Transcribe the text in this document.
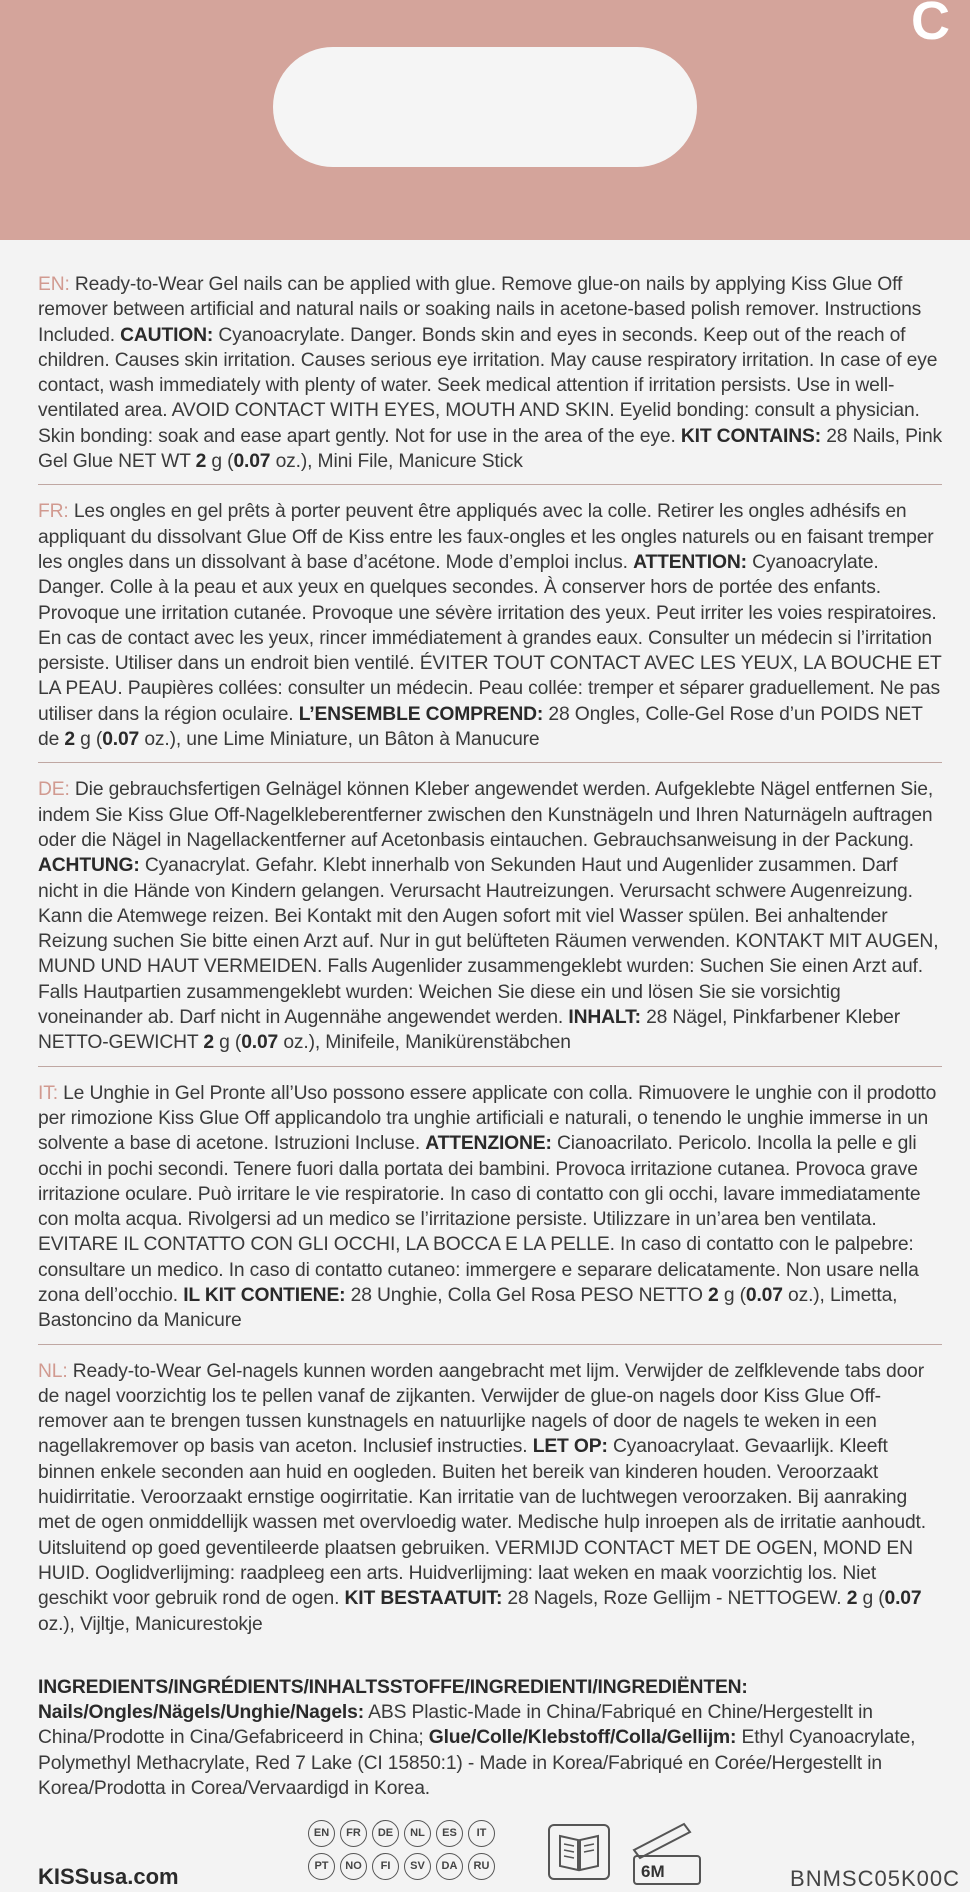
C

EN: Ready-to-Wear Gel nails can be applied with glue. Remove glue-on nails by applying Kiss Glue Off remover between artificial and natural nails or soaking nails in acetone-based polish remover. Instructions Included. CAUTION: Cyanoacrylate. Danger. Bonds skin and eyes in seconds. Keep out of the reach of children. Causes skin irritation. Causes serious eye irritation. May cause respiratory irritation. In case of eye contact, wash immediately with plenty of water. Seek medical attention if irritation persists. Use in well-ventilated area. AVOID CONTACT WITH EYES, MOUTH AND SKIN. Eyelid bonding: consult a physician. Skin bonding: soak and ease apart gently. Not for use in the area of the eye. KIT CONTAINS: 28 Nails, Pink Gel Glue NET WT 2 g (0.07 oz.), Mini File, Manicure Stick

FR: Les ongles en gel prêts à porter peuvent être appliqués avec la colle. Retirer les ongles adhésifs en appliquant du dissolvant Glue Off de Kiss entre les faux-ongles et les ongles naturels ou en faisant tremper les ongles dans un dissolvant à base d’acétone. Mode d’emploi inclus. ATTENTION: Cyanoacrylate. Danger. Colle à la peau et aux yeux en quelques secondes. À conserver hors de portée des enfants. Provoque une irritation cutanée. Provoque une sévère irritation des yeux. Peut irriter les voies respiratoires. En cas de contact avec les yeux, rincer immédiatement à grandes eaux. Consulter un médecin si l’irritation persiste. Utiliser dans un endroit bien ventilé. ÉVITER TOUT CONTACT AVEC LES YEUX, LA BOUCHE ET LA PEAU. Paupières collées: consulter un médecin. Peau collée: tremper et séparer graduellement. Ne pas utiliser dans la région oculaire. L’ENSEMBLE COMPREND: 28 Ongles, Colle-Gel Rose d’un POIDS NET de 2 g (0.07 oz.), une Lime Miniature, un Bâton à Manucure

DE: Die gebrauchsfertigen Gelnägel können Kleber angewendet werden. Aufgeklebte Nägel entfernen Sie, indem Sie Kiss Glue Off-Nagelkleberentferner zwischen den Kunstnägeln und Ihren Naturnägeln auftragen oder die Nägel in Nagellackentferner auf Acetonbasis eintauchen. Gebrauchsanweisung in der Packung. ACHTUNG: Cyanacrylat. Gefahr. Klebt innerhalb von Sekunden Haut und Augenlider zusammen. Darf nicht in die Hände von Kindern gelangen. Verursacht Hautreizungen. Verursacht schwere Augenreizung. Kann die Atemwege reizen. Bei Kontakt mit den Augen sofort mit viel Wasser spülen. Bei anhaltender Reizung suchen Sie bitte einen Arzt auf. Nur in gut belüfteten Räumen verwenden. KONTAKT MIT AUGEN, MUND UND HAUT VERMEIDEN. Falls Augenlider zusammengeklebt wurden: Suchen Sie einen Arzt auf. Falls Hautpartien zusammengeklebt wurden: Weichen Sie diese ein und lösen Sie sie vorsichtig voneinander ab. Darf nicht in Augennähe angewendet werden. INHALT: 28 Nägel, Pinkfarbener Kleber NETTO-GEWICHT 2 g (0.07 oz.), Minifeile, Manikürenstäbchen

IT: Le Unghie in Gel Pronte all’Uso possono essere applicate con colla. Rimuovere le unghie con il prodotto per rimozione Kiss Glue Off applicandolo tra unghie artificiali e naturali, o tenendo le unghie immerse in un solvente a base di acetone. Istruzioni Incluse. ATTENZIONE: Cianoacrilato. Pericolo. Incolla la pelle e gli occhi in pochi secondi. Tenere fuori dalla portata dei bambini. Provoca irritazione cutanea. Provoca grave irritazione oculare. Può irritare le vie respiratorie. In caso di contatto con gli occhi, lavare immediatamente con molta acqua. Rivolgersi ad un medico se l’irritazione persiste. Utilizzare in un’area ben ventilata. EVITARE IL CONTATTO CON GLI OCCHI, LA BOCCA E LA PELLE. In caso di contatto con le palpebre: consultare un medico. In caso di contatto cutaneo: immergere e separare delicatamente. Non usare nella zona dell’occhio. IL KIT CONTIENE: 28 Unghie, Colla Gel Rosa PESO NETTO 2 g (0.07 oz.), Limetta, Bastoncino da Manicure

NL: Ready-to-Wear Gel-nagels kunnen worden aangebracht met lijm. Verwijder de zelfklevende tabs door de nagel voorzichtig los te pellen vanaf de zijkanten. Verwijder de glue-on nagels door Kiss Glue Off-remover aan te brengen tussen kunstnagels en natuurlijke nagels of door de nagels te weken in een nagellakremover op basis van aceton. Inclusief instructies. LET OP: Cyanoacrylaat. Gevaarlijk. Kleeft binnen enkele seconden aan huid en oogleden. Buiten het bereik van kinderen houden. Veroorzaakt huidirritatie. Veroorzaakt ernstige oogirritatie. Kan irritatie van de luchtwegen veroorzaken. Bij aanraking met de ogen onmiddellijk wassen met overvloedig water. Medische hulp inroepen als de irritatie aanhoudt. Uitsluitend op goed geventileerde plaatsen gebruiken. VERMIJD CONTACT MET DE OGEN, MOND EN HUID. Ooglidverlijming: raadpleeg een arts. Huidverlijming: laat weken en maak voorzichtig los. Niet geschikt voor gebruik rond de ogen. KIT BESTAATUIT: 28 Nagels, Roze Gellijm - NETTOGEW. 2 g (0.07 oz.), Vijltje, Manicurestokje

INGREDIENTS/INGRÉDIENTS/INHALTSSTOFFE/INGREDIENTI/INGREDIËNTEN:
Nails/Ongles/Nägels/Unghie/Nagels: ABS Plastic-Made in China/Fabriqué en Chine/Hergestellt in China/Prodotte in Cina/Gefabriceerd in China; Glue/Colle/Klebstoff/Colla/Gellijm: Ethyl Cyanoacrylate, Polymethyl Methacrylate, Red 7 Lake (CI 15850:1) - Made in Korea/Fabriqué en Corée/Hergestellt in Korea/Prodotta in Corea/Vervaardigd in Korea.
KISSusa.com
EN	FR	DE	NL	ES	IT
PT	NO	FI	SV	DA	RU	6M	BNMSC05K00C
